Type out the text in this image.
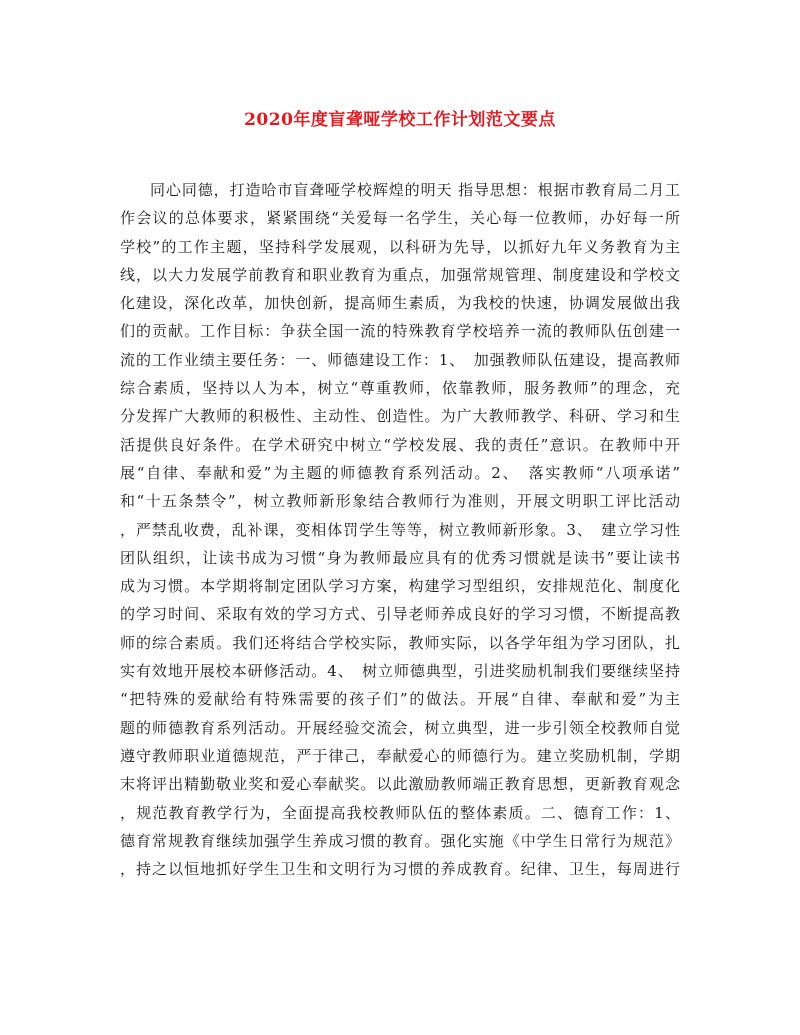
2020年度盲聋哑学校工作计划范文要点
同心同德，打造哈市盲聋哑学校辉煌的明天 指导思想：根据市教育局二月工
作会议的总体要求，紧紧围绕“关爱每一名学生，关心每一位教师，办好每一所
学校”的工作主题，坚持科学发展观，以科研为先导，以抓好九年义务教育为主
线，以大力发展学前教育和职业教育为重点，加强常规管理、制度建设和学校文
化建设，深化改革，加快创新，提高师生素质，为我校的快速，协调发展做出我
们的贡献。工作目标：争获全国一流的特殊教育学校培养一流的教师队伍创建一
流的工作业绩主要任务：一、师德建设工作：1、　加强教师队伍建设，提高教师
综合素质，坚持以人为本，树立“尊重教师，依靠教师，服务教师”的理念，充
分发挥广大教师的积极性、主动性、创造性。为广大教师教学、科研、学习和生
活提供良好条件。在学术研究中树立“学校发展、我的责任”意识。在教师中开
展“自律、奉献和爱”为主题的师德教育系列活动。2、　落实教师“八项承诺”
和“十五条禁令”，树立教师新形象结合教师行为准则，开展文明职工评比活动
，严禁乱收费，乱补课，变相体罚学生等等，树立教师新形象。3、　建立学习性
团队组织，让读书成为习惯“身为教师最应具有的优秀习惯就是读书”要让读书
成为习惯。本学期将制定团队学习方案，构建学习型组织，安排规范化、制度化
的学习时间、采取有效的学习方式、引导老师养成良好的学习习惯，不断提高教
师的综合素质。我们还将结合学校实际，教师实际，以各学年组为学习团队，扎
实有效地开展校本研修活动。4、　树立师德典型，引进奖励机制我们要继续坚持
“把特殊的爱献给有特殊需要的孩子们”的做法。开展“自律、奉献和爱”为主
题的师德教育系列活动。开展经验交流会，树立典型，进一步引领全校教师自觉
遵守教师职业道德规范，严于律己，奉献爱心的师德行为。建立奖励机制，学期
末将评出精勤敬业奖和爱心奉献奖。以此激励教师端正教育思想，更新教育观念
，规范教育教学行为，全面提高我校教师队伍的整体素质。二、德育工作：1、
德育常规教育继续加强学生养成习惯的教育。强化实施《中学生日常行为规范》
，持之以恒地抓好学生卫生和文明行为习惯的养成教育。纪律、卫生，每周进行
